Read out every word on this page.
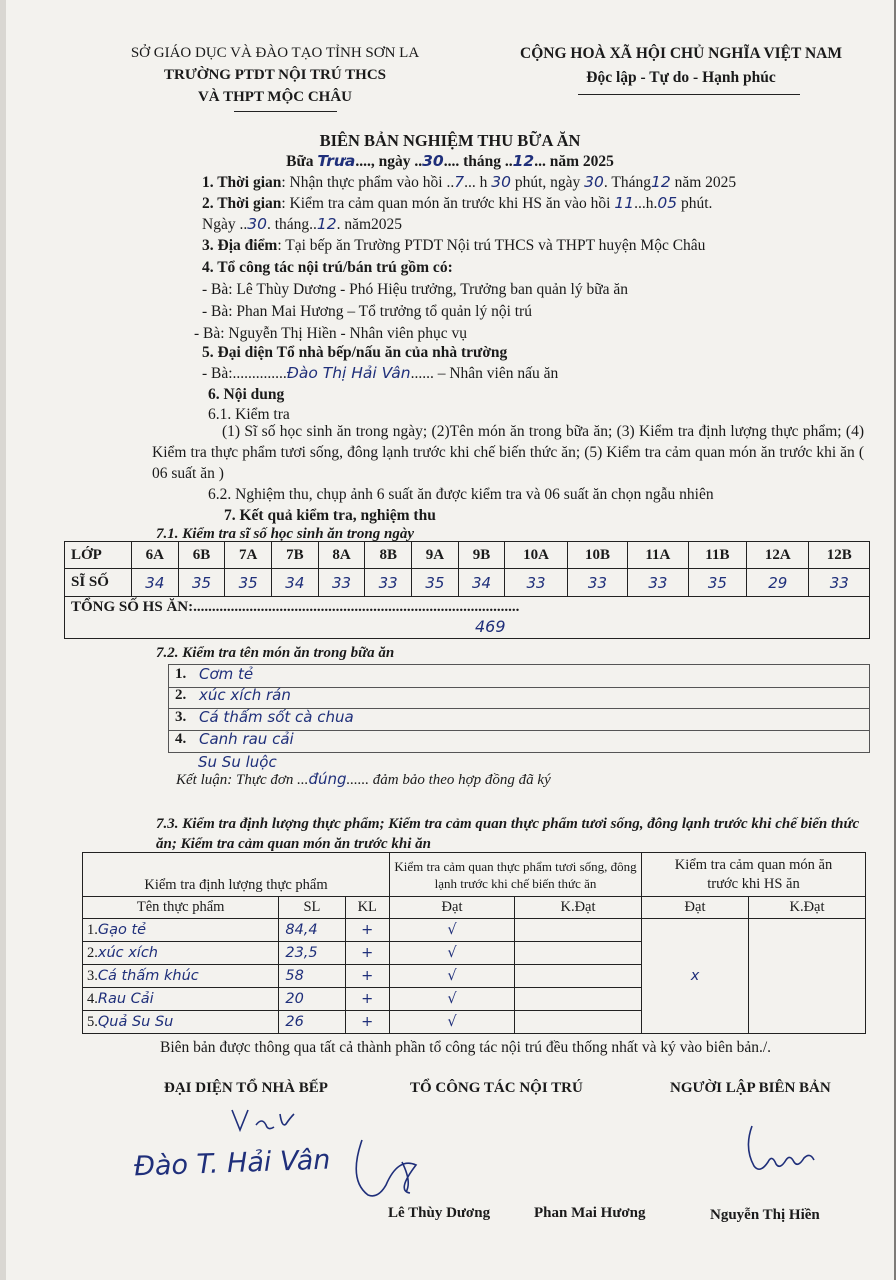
SỞ GIÁO DỤC VÀ ĐÀO TẠO TỈNH SƠN LA
TRƯỜNG PTDT NỘI TRÚ THCS
VÀ THPT MỘC CHÂU
CỘNG HOÀ XÃ HỘI CHỦ NGHĨA VIỆT NAM
Độc lập - Tự do - Hạnh phúc
BIÊN BẢN NGHIỆM THU BỮA ĂN
Bữa Trưa...., ngày ..30.... tháng ..12... năm 2025
1. Thời gian: Nhận thực phẩm vào hồi ..7... h 30 phút, ngày 30. Tháng12 năm 2025
2. Thời gian: Kiểm tra cảm quan món ăn trước khi HS ăn vào hồi 11...h.05 phút.
Ngày ..30. tháng..12. năm2025
3. Địa điểm: Tại bếp ăn Trường PTDT Nội trú THCS và THPT huyện Mộc Châu
4. Tổ công tác nội trú/bán trú gồm có:
- Bà: Lê Thùy Dương - Phó Hiệu trưởng, Trưởng ban quản lý bữa ăn
- Bà: Phan Mai Hương – Tổ trưởng tổ quản lý nội trú
- Bà: Nguyễn Thị Hiền - Nhân viên phục vụ
5. Đại diện Tổ nhà bếp/nấu ăn của nhà trường
- Bà:..............Đào Thị Hải Vân...... – Nhân viên nấu ăn
6. Nội dung
6.1. Kiểm tra
(1) Sĩ số học sinh ăn trong ngày; (2)Tên món ăn trong bữa ăn; (3) Kiểm tra định lượng thực phẩm; (4) Kiểm tra thực phẩm tươi sống, đông lạnh trước khi chế biến thức ăn; (5) Kiểm tra cảm quan món ăn trước khi ăn ( 06 suất ăn )
6.2. Nghiệm thu, chụp ảnh 6 suất ăn được kiểm tra và 06 suất ăn chọn ngẫu nhiên
7. Kết quả kiểm tra, nghiệm thu
7.1. Kiểm tra sĩ số học sinh ăn trong ngày
LỚP	6A	6B	7A	7B	8A	8B	9A	9B	10A	10B	11A	11B	12A	12B
SĨ SỐ	34	35	35	34	33	33	35	34	33	33	33	35	29	33

TỔNG SỐ HS ĂN:.......................................................................................
469														
7.2. Kiểm tra tên món ăn trong bữa ăn
1. Cơm tẻ
2. xúc xích rán
3. Cá thấm sốt cà chua
4. Canh rau cải
Su Su luộc
Kết luận: Thực đơn ...đúng...... đảm bảo theo hợp đồng đã ký
7.3. Kiểm tra định lượng thực phẩm; Kiểm tra cảm quan thực phẩm tươi sống, đông lạnh trước khi chế biến thức ăn; Kiểm tra cảm quan món ăn trước khi ăn
Kiểm tra định lượng thực phẩm			Kiểm tra cảm quan thực phẩm tươi sống, đông lạnh trước khi chế biến thức ăn		Kiểm tra cảm quan món ăn trước khi HS ăn	
Tên thực phẩm	SL	KL	Đạt	K.Đạt	Đạt	K.Đạt
1.Gạo tẻ	84,4	+	√		x	
2.xúc xích	23,5	+	√			
3.Cá thấm khúc	58	+	√			
4.Rau Cải	20	+	√			
5.Quả Su Su	26	+	√			
Biên bản được thông qua tất cả thành phần tổ công tác nội trú đều thống nhất và ký vào biên bản./.
ĐẠI DIỆN TỔ NHÀ BẾP	TỔ CÔNG TÁC NỘI TRÚ	NGƯỜI LẬP BIÊN BẢN
Đào T. Hải Vân
Lê Thùy Dương	Phan Mai Hương	Nguyễn Thị Hiền
